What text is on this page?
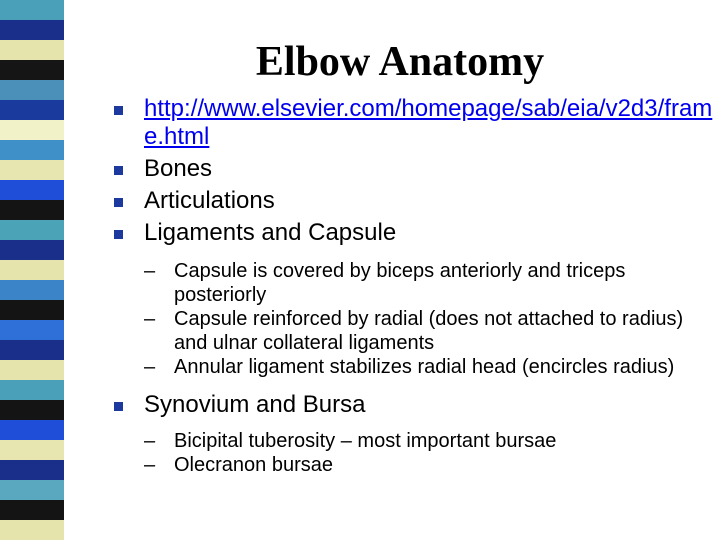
Elbow Anatomy
http://www.elsevier.com/homepage/sab/eia/v2d3/frame.html
Bones
Articulations
Ligaments and Capsule
– Capsule is covered by biceps anteriorly and triceps posteriorly
– Capsule reinforced by radial (does not attached to radius) and ulnar collateral ligaments
– Annular ligament stabilizes radial head (encircles radius)
Synovium and Bursa
– Bicipital tuberosity – most important bursae
– Olecranon bursae
